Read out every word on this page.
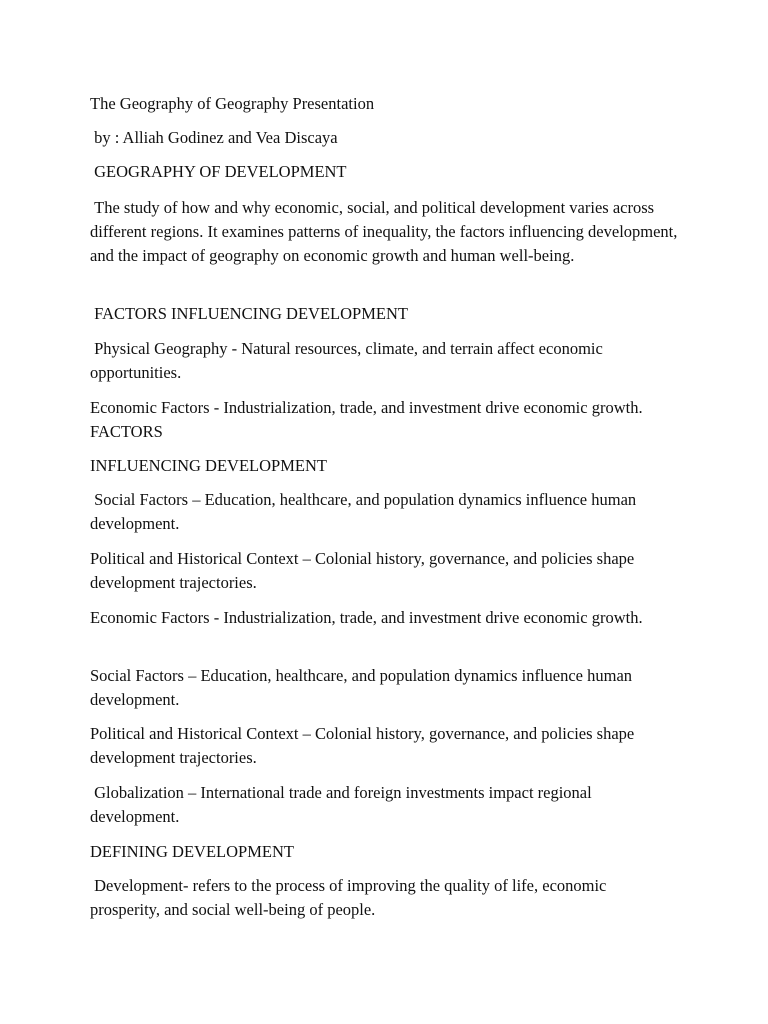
The Geography of Geography Presentation

by : Alliah Godinez and Vea Discaya

GEOGRAPHY OF DEVELOPMENT

The study of how and why economic, social, and political development varies across different regions. It examines patterns of inequality, the factors influencing development, and the impact of geography on economic growth and human well-being.

FACTORS INFLUENCING DEVELOPMENT

Physical Geography - Natural resources, climate, and terrain affect economic opportunities.

Economic Factors - Industrialization, trade, and investment drive economic growth. FACTORS

INFLUENCING DEVELOPMENT

Social Factors – Education, healthcare, and population dynamics influence human development.

Political and Historical Context – Colonial history, governance, and policies shape development trajectories.

Economic Factors - Industrialization, trade, and investment drive economic growth.

Social Factors – Education, healthcare, and population dynamics influence human development.

Political and Historical Context – Colonial history, governance, and policies shape development trajectories.

Globalization – International trade and foreign investments impact regional development.

DEFINING DEVELOPMENT

Development- refers to the process of improving the quality of life, economic prosperity, and social well-being of people.
